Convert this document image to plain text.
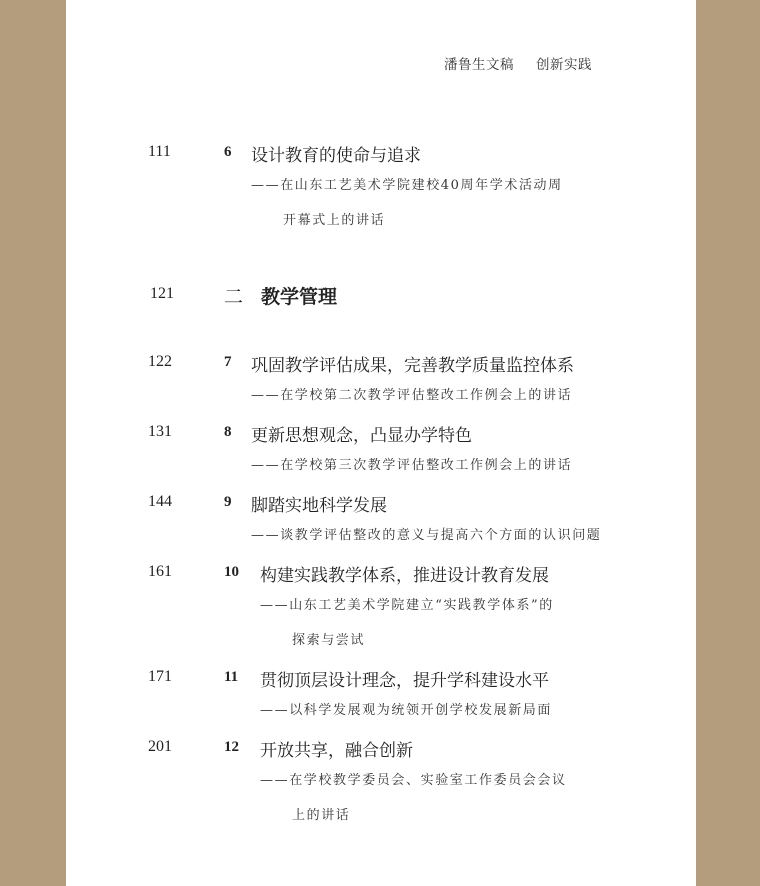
潘鲁生文稿 创新实践
111	6 设计教育的使命与追求
——在山东工艺美术学院建校40周年学术活动周
开幕式上的讲话
121	二 教学管理
122	7 巩固教学评估成果，完善教学质量监控体系
——在学校第二次教学评估整改工作例会上的讲话
131	8 更新思想观念，凸显办学特色
——在学校第三次教学评估整改工作例会上的讲话
144	9 脚踏实地科学发展
——谈教学评估整改的意义与提高六个方面的认识问题
161	10 构建实践教学体系，推进设计教育发展
——山东工艺美术学院建立“实践教学体系”的
探索与尝试
171	11 贯彻顶层设计理念，提升学科建设水平
——以科学发展观为统领开创学校发展新局面
201	12 开放共享，融合创新
——在学校教学委员会、实验室工作委员会会议
上的讲话
